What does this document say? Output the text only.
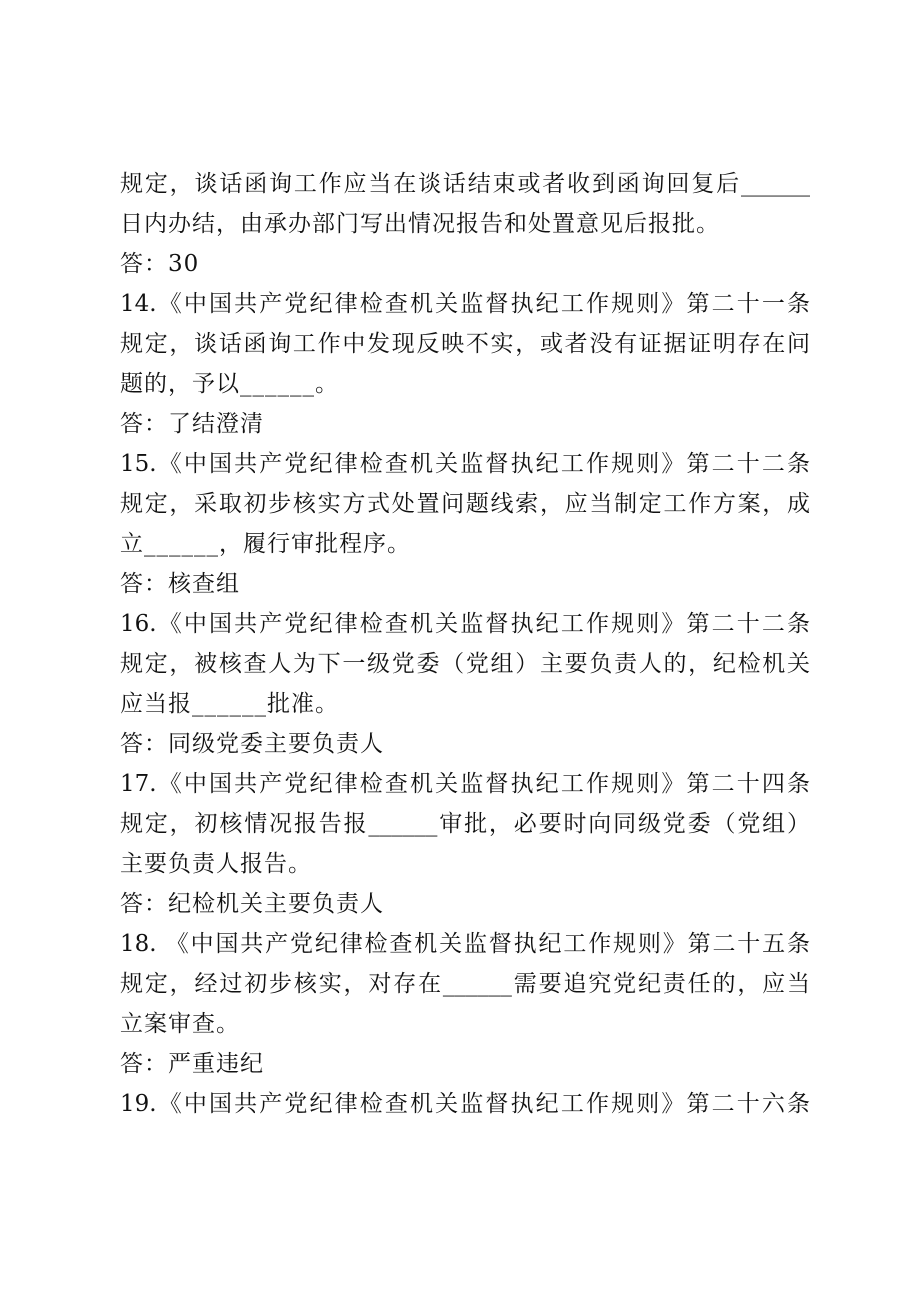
规定，谈话函询工作应当在谈话结束或者收到函询回复后______
日内办结，由承办部门写出情况报告和处置意见后报批。
答：30
14.《中国共产党纪律检查机关监督执纪工作规则》第二十一条
规定，谈话函询工作中发现反映不实，或者没有证据证明存在问
题的，予以______。
答：了结澄清
15.《中国共产党纪律检查机关监督执纪工作规则》第二十二条
规定，采取初步核实方式处置问题线索，应当制定工作方案，成
立______，履行审批程序。
答：核查组
16.《中国共产党纪律检查机关监督执纪工作规则》第二十二条
规定，被核查人为下一级党委（党组）主要负责人的，纪检机关
应当报______批准。
答：同级党委主要负责人
17.《中国共产党纪律检查机关监督执纪工作规则》第二十四条
规定，初核情况报告报______审批，必要时向同级党委（党组）
主要负责人报告。
答：纪检机关主要负责人
18. 《中国共产党纪律检查机关监督执纪工作规则》第二十五条
规定，经过初步核实，对存在______需要追究党纪责任的，应当
立案审查。
答：严重违纪
19.《中国共产党纪律检查机关监督执纪工作规则》第二十六条
